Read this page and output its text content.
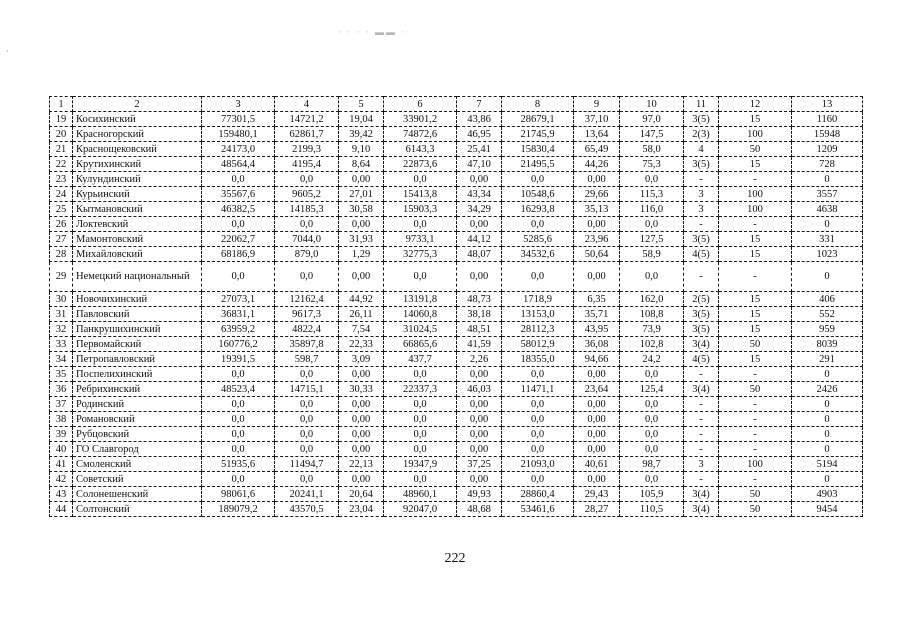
· · · · ▬▬ ·
·
1	2	3	4	5	6	7	8	9	10	11	12	13
19	Косихинский	77301,5	14721,2	19,04	33901,2	43,86	28679,1	37,10	97,0	3(5)	15	1160
20	Красногорский	159480,1	62861,7	39,42	74872,6	46,95	21745,9	13,64	147,5	2(3)	100	15948
21	Краснощековский	24173,0	2199,3	9,10	6143,3	25,41	15830,4	65,49	58,0	4	50	1209
22	Крутихинский	48564,4	4195,4	8,64	22873,6	47,10	21495,5	44,26	75,3	3(5)	15	728
23	Кулундинский	0,0	0,0	0,00	0,0	0,00	0,0	0,00	0,0	-	-	0
24	Курьинский	35567,6	9605,2	27,01	15413,8	43,34	10548,6	29,66	115,3	3	100	3557
25	Кытмановский	46382,5	14185,3	30,58	15903,3	34,29	16293,8	35,13	116,0	3	100	4638
26	Локтевский	0,0	0,0	0,00	0,0	0,00	0,0	0,00	0,0	-	-	0
27	Мамонтовский	22062,7	7044,0	31,93	9733,1	44,12	5285,6	23,96	127,5	3(5)	15	331
28	Михайловский	68186,9	879,0	1,29	32775,3	48,07	34532,6	50,64	58,9	4(5)	15	1023
29	Немецкий национальный	0,0	0,0	0,00	0,0	0,00	0,0	0,00	0,0	-	-	0
30	Новочихинский	27073,1	12162,4	44,92	13191,8	48,73	1718,9	6,35	162,0	2(5)	15	406
31	Павловский	36831,1	9617,3	26,11	14060,8	38,18	13153,0	35,71	108,8	3(5)	15	552
32	Панкрушихинский	63959,2	4822,4	7,54	31024,5	48,51	28112,3	43,95	73,9	3(5)	15	959
33	Первомайский	160776,2	35897,8	22,33	66865,6	41,59	58012,9	36,08	102,8	3(4)	50	8039
34	Петропавловский	19391,5	598,7	3,09	437,7	2,26	18355,0	94,66	24,2	4(5)	15	291
35	Поспелихинский	0,0	0,0	0,00	0,0	0,00	0,0	0,00	0,0	-	-	0
36	Ребрихинский	48523,4	14715,1	30,33	22337,3	46,03	11471,1	23,64	125,4	3(4)	50	2426
37	Родинский	0,0	0,0	0,00	0,0	0,00	0,0	0,00	0,0	-	-	0
38	Романовский	0,0	0,0	0,00	0,0	0,00	0,0	0,00	0,0	-	-	0
39	Рубцовский	0,0	0,0	0,00	0,0	0,00	0,0	0,00	0,0	-	-	0
40	ГО Славгород	0,0	0,0	0,00	0,0	0,00	0,0	0,00	0,0	-	-	0
41	Смоленский	51935,6	11494,7	22,13	19347,9	37,25	21093,0	40,61	98,7	3	100	5194
42	Советский	0,0	0,0	0,00	0,0	0,00	0,0	0,00	0,0	-	-	0
43	Солонешенский	98061,6	20241,1	20,64	48960,1	49,93	28860,4	29,43	105,9	3(4)	50	4903
44	Солтонский	189079,2	43570,5	23,04	92047,0	48,68	53461,6	28,27	110,5	3(4)	50	9454
222
